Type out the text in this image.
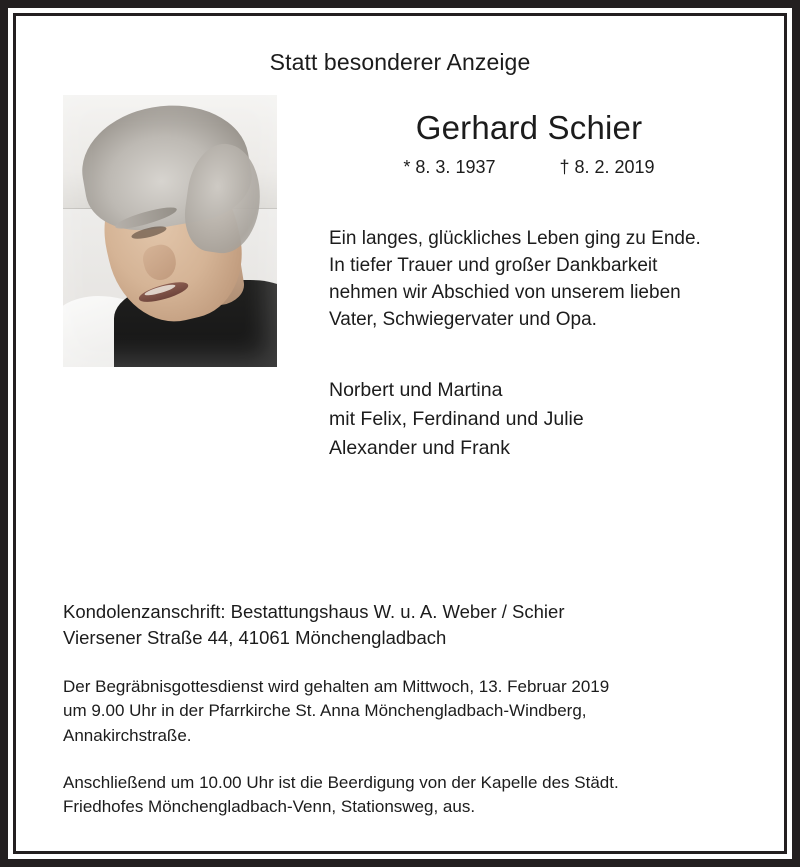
Statt besonderer Anzeige
Gerhard Schier
* 8. 3. 1937	† 8. 2. 2019
Ein langes, glückliches Leben ging zu Ende.
In tiefer Trauer und großer Dankbarkeit
nehmen wir Abschied von unserem lieben
Vater, Schwiegervater und Opa.
Norbert und Martina
mit Felix, Ferdinand und Julie
Alexander und Frank
Kondolenzanschrift: Bestattungshaus W. u. A. Weber / Schier
Viersener Straße 44, 41061 Mönchengladbach
Der Begräbnisgottesdienst wird gehalten am Mittwoch, 13. Februar 2019
um 9.00 Uhr in der Pfarrkirche St. Anna Mönchengladbach-Windberg,
Annakirchstraße.
Anschließend um 10.00 Uhr ist die Beerdigung von der Kapelle des Städt.
Friedhofes Mönchengladbach-Venn, Stationsweg, aus.
